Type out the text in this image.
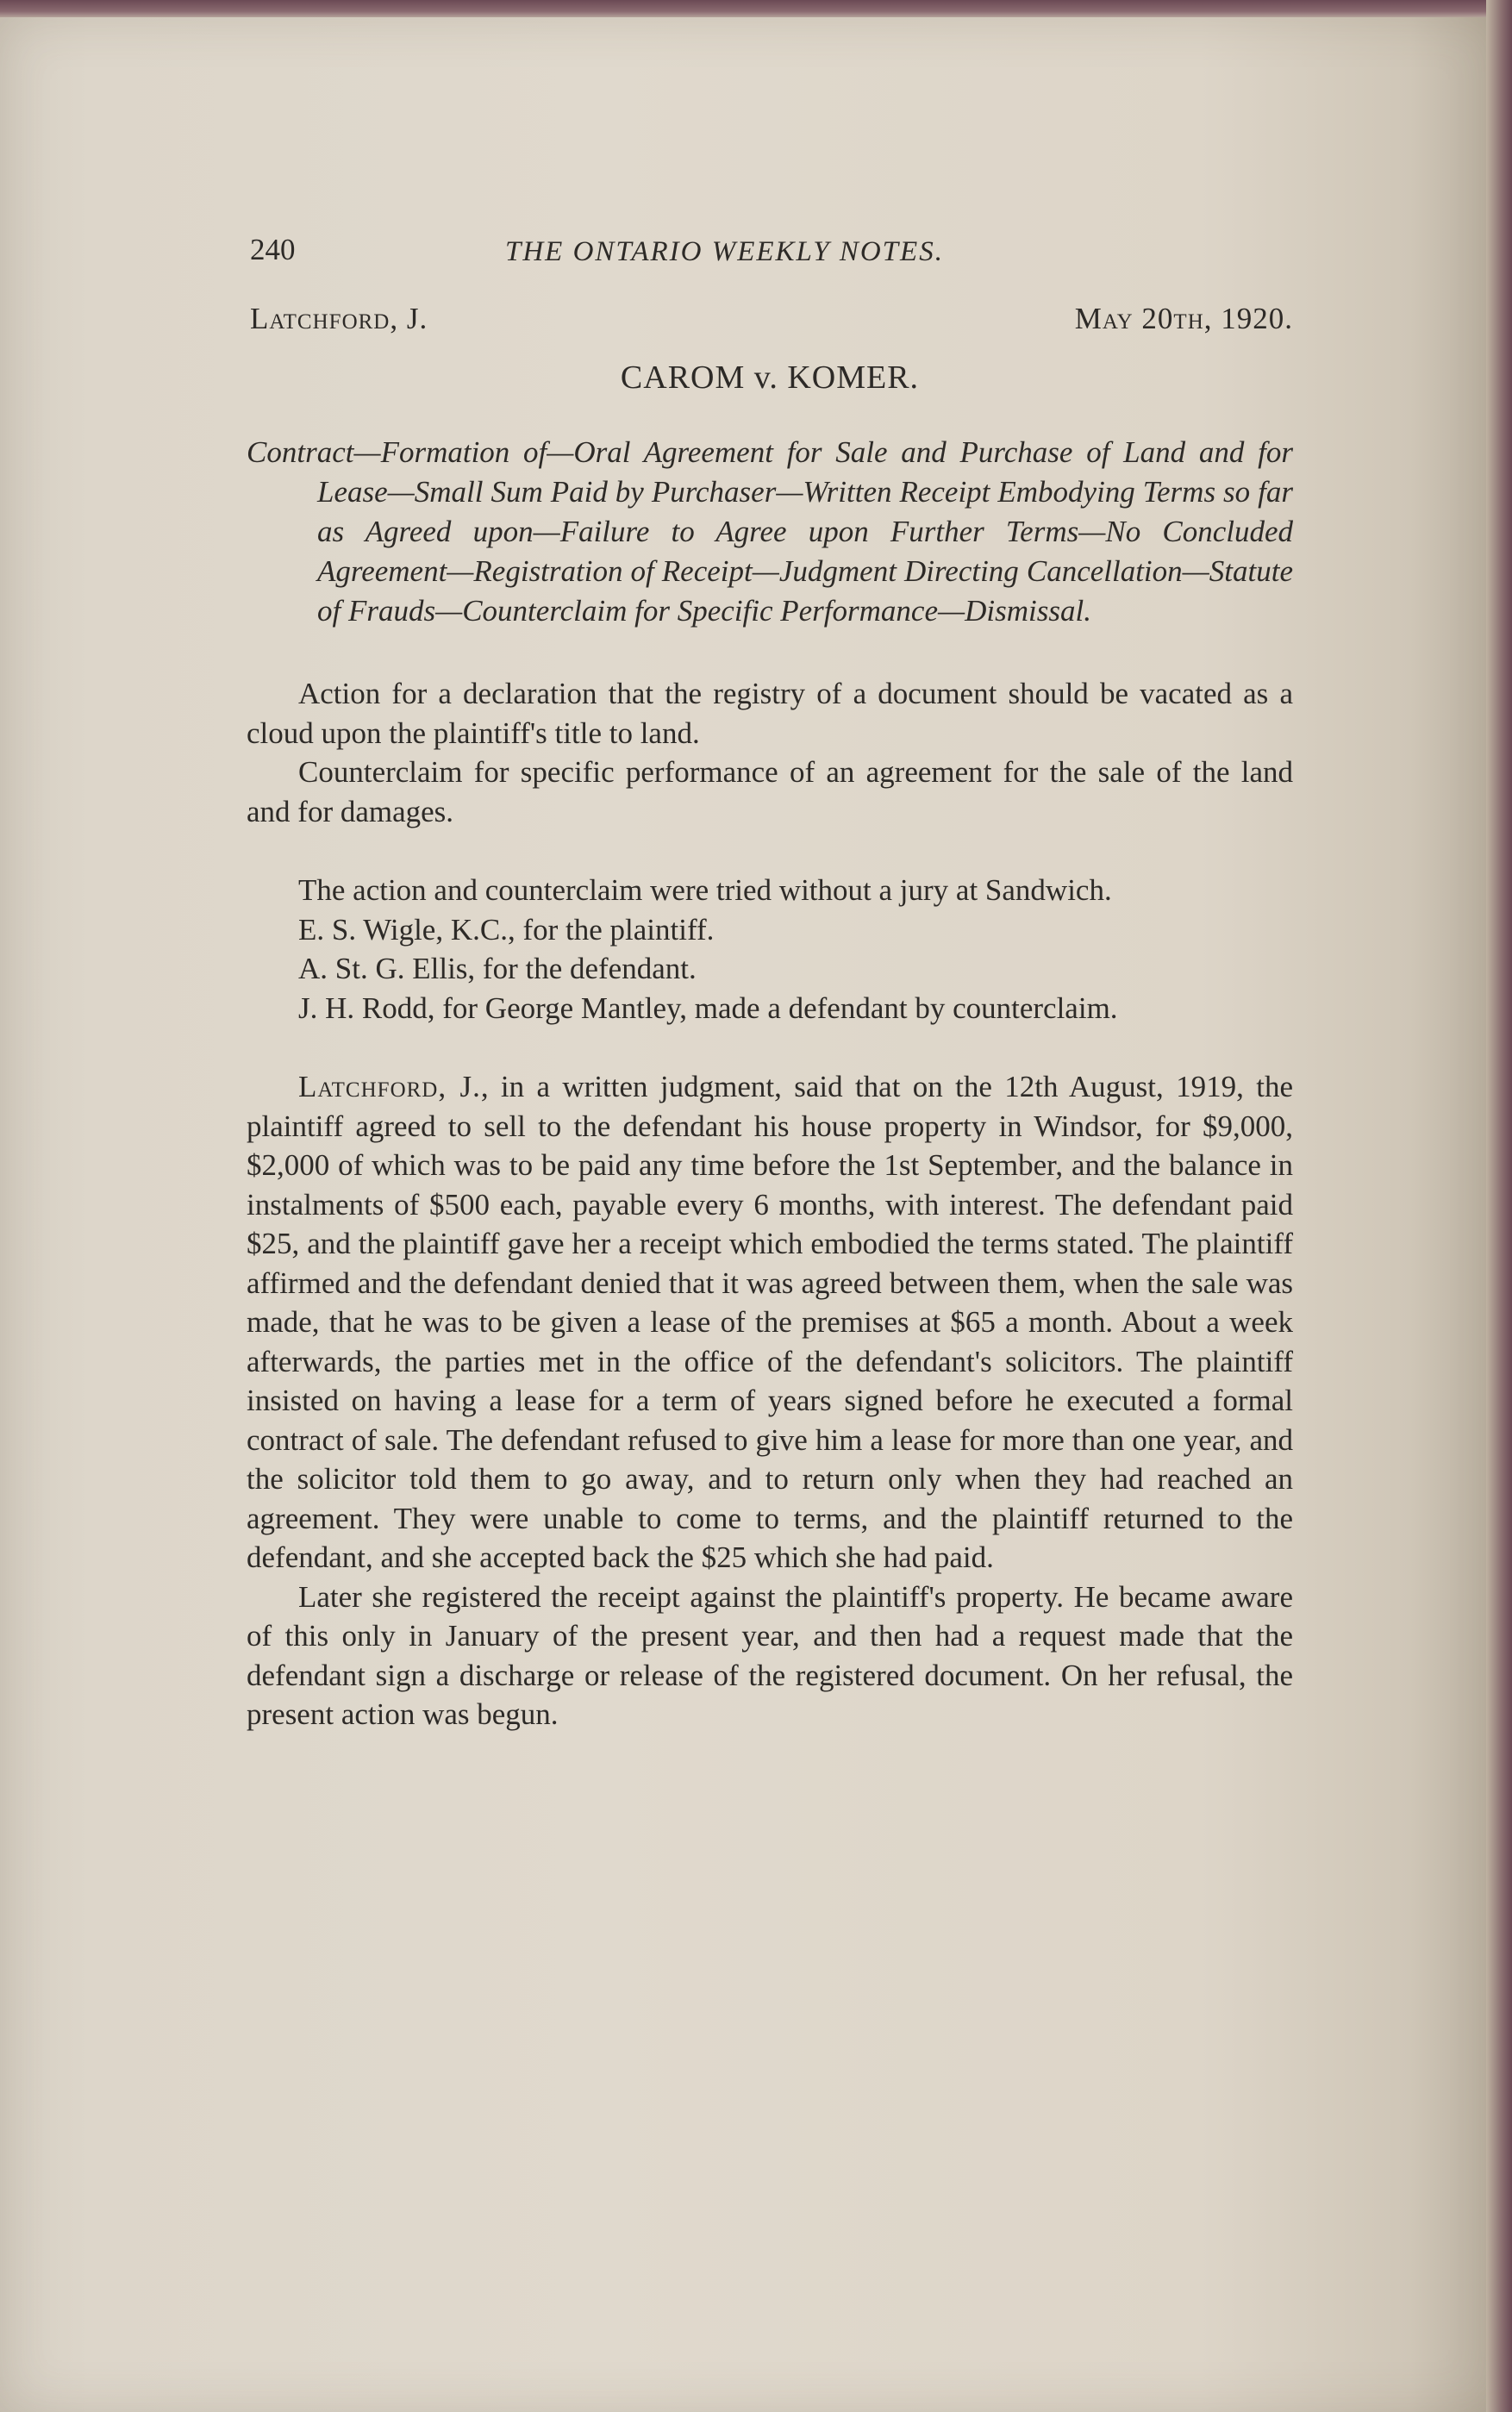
240	THE ONTARIO WEEKLY NOTES.
Latchford, J.	May 20th, 1920.
CAROM v. KOMER.

Contract—Formation of—Oral Agreement for Sale and Purchase of Land and for Lease—Small Sum Paid by Purchaser—Written Receipt Embodying Terms so far as Agreed upon—Failure to Agree upon Further Terms—No Concluded Agreement—Registration of Receipt—Judgment Directing Cancellation—Statute of Frauds—Counterclaim for Specific Performance—Dismissal.

Action for a declaration that the registry of a document should be vacated as a cloud upon the plaintiff's title to land.

Counterclaim for specific performance of an agreement for the sale of the land and for damages.

The action and counterclaim were tried without a jury at Sandwich.

E. S. Wigle, K.C., for the plaintiff.

A. St. G. Ellis, for the defendant.

J. H. Rodd, for George Mantley, made a defendant by counterclaim.

Latchford, J., in a written judgment, said that on the 12th August, 1919, the plaintiff agreed to sell to the defendant his house property in Windsor, for $9,000, $2,000 of which was to be paid any time before the 1st September, and the balance in instalments of $500 each, payable every 6 months, with interest. The defendant paid $25, and the plaintiff gave her a receipt which embodied the terms stated. The plaintiff affirmed and the defendant denied that it was agreed between them, when the sale was made, that he was to be given a lease of the premises at $65 a month. About a week afterwards, the parties met in the office of the defendant's solicitors. The plaintiff insisted on having a lease for a term of years signed before he executed a formal contract of sale. The defendant refused to give him a lease for more than one year, and the solicitor told them to go away, and to return only when they had reached an agreement. They were unable to come to terms, and the plaintiff returned to the defendant, and she accepted back the $25 which she had paid.

Later she registered the receipt against the plaintiff's property. He became aware of this only in January of the present year, and then had a request made that the defendant sign a discharge or release of the registered document. On her refusal, the present action was begun.
